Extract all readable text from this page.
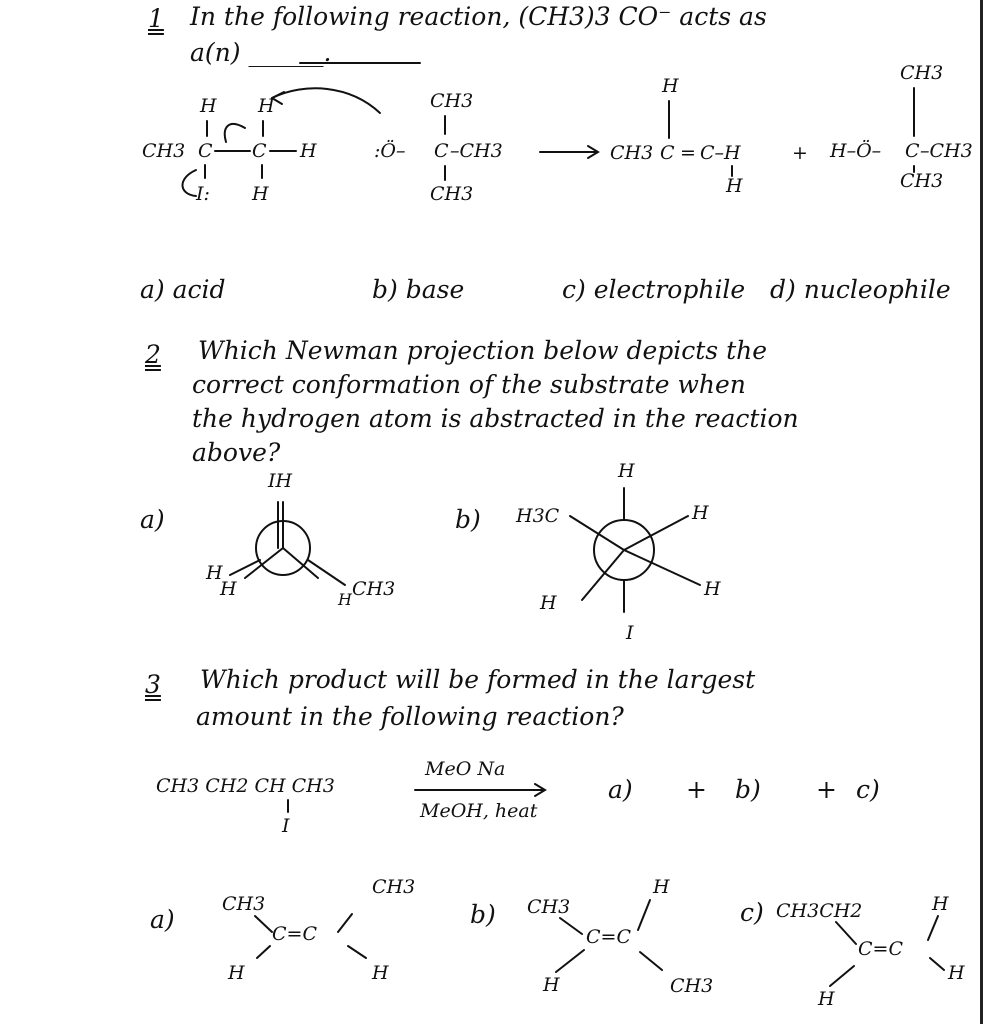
1 In the following reaction, (CH3)3 CO⁻ acts as
a(n) ______.
H H
CH3 C C H
I: H
CH3
:Ö– C –CH3
CH3
H
CH3 C = C–H
H
+
CH3
H–Ö– C –CH3
CH3
a) acid	b) base	c) electrophile d) nucleophile
2 Which Newman projection below depicts the
correct conformation of the substrate when
the hydrogen atom is abstracted in the reaction
above?
a)
IH
H
H	CH3
H
b)
H
H3C	H
H
H
I
3 Which product will be formed in the largest
amount in the following reaction?
CH3 CH2 CH CH3
I
MeO Na
MeOH, heat
a) + b) + c)
a)
CH3
CH3
C=C
H	H
b) CH3
H
C=C
H	CH3
c) CH3CH2	H
C=C
H
H
